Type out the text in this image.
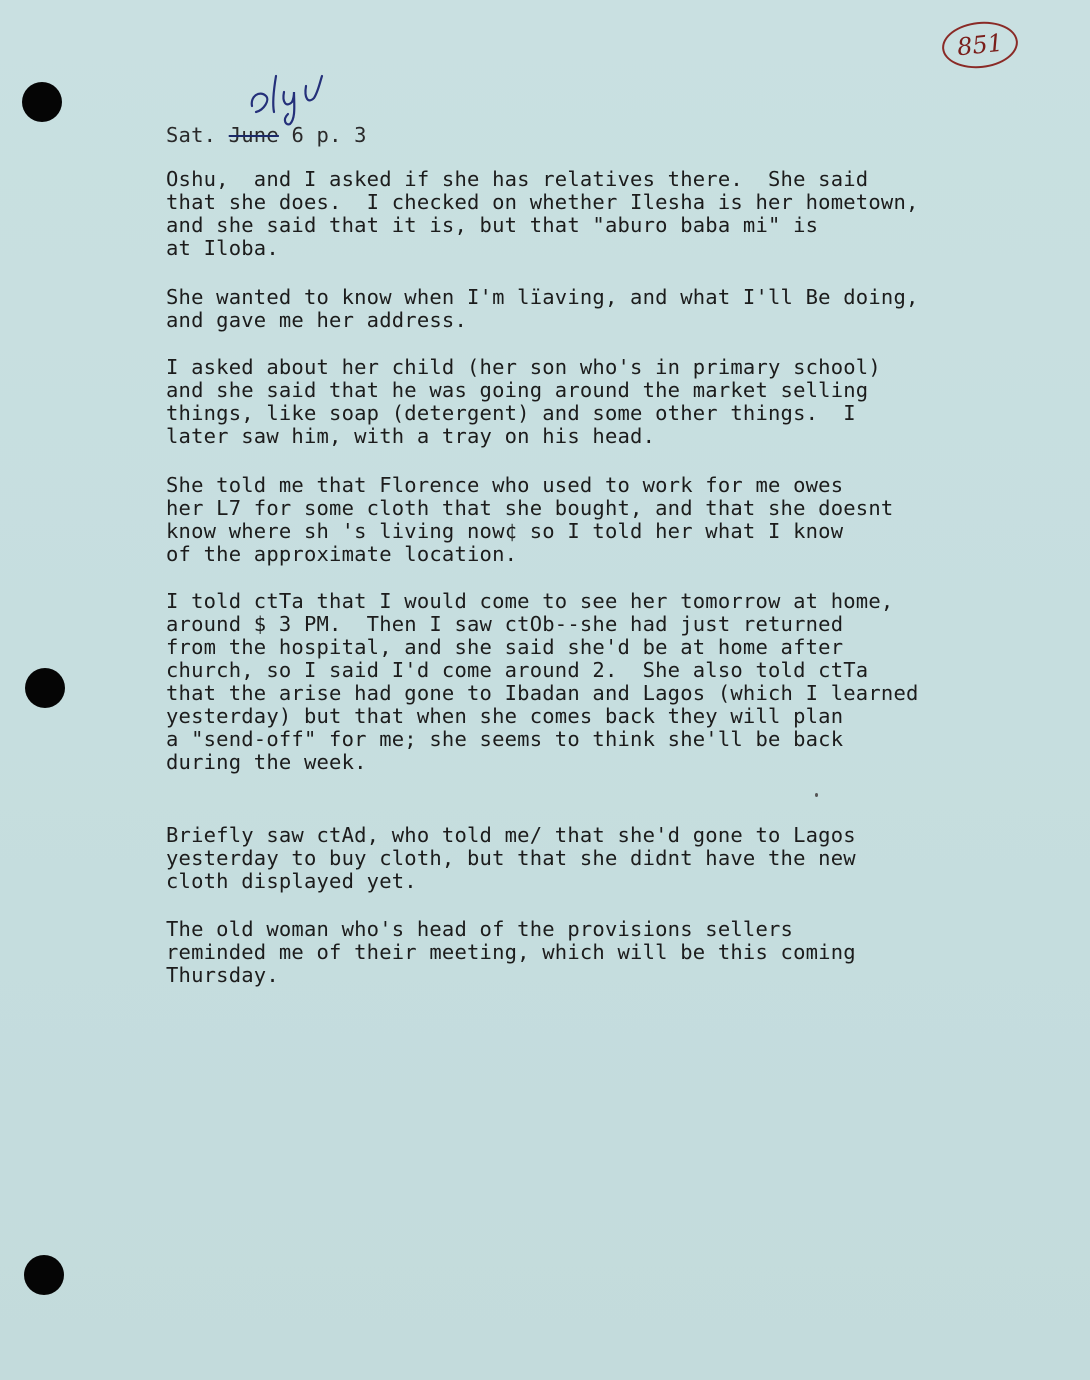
851
Sat. June 6 p. 3
Oshu,  and I asked if she has relatives there.  She said
that she does.  I checked on whether Ilesha is her hometown,
and she said that it is, but that "aburo baba mi" is
at Iloba.
She wanted to know when I'm lïaving, and what I'll Be doing,
and gave me her address.
I asked about her child (her son who's in primary school)
and she said that he was going around the market selling
things, like soap (detergent) and some other things.  I
later saw him, with a tray on his head.
She told me that Florence who used to work for me owes
her L7 for some cloth that she bought, and that she doesnt
know where sh 's living now¢ so I told her what I know
of the approximate location.
I told ctTa that I would come to see her tomorrow at home,
around $ 3 PM.  Then I saw ctOb--she had just returned
from the hospital, and she said she'd be at home after
church, so I said I'd come around 2.  She also told ctTa
that the arise had gone to Ibadan and Lagos (which I learned
yesterday) but that when she comes back they will plan
a "send-off" for me; she seems to think she'll be back
during the week.
Briefly saw ctAd, who told me/ that she'd gone to Lagos
yesterday to buy cloth, but that she didnt have the new
cloth displayed yet.
The old woman who's head of the provisions sellers
reminded me of their meeting, which will be this coming
Thursday.
